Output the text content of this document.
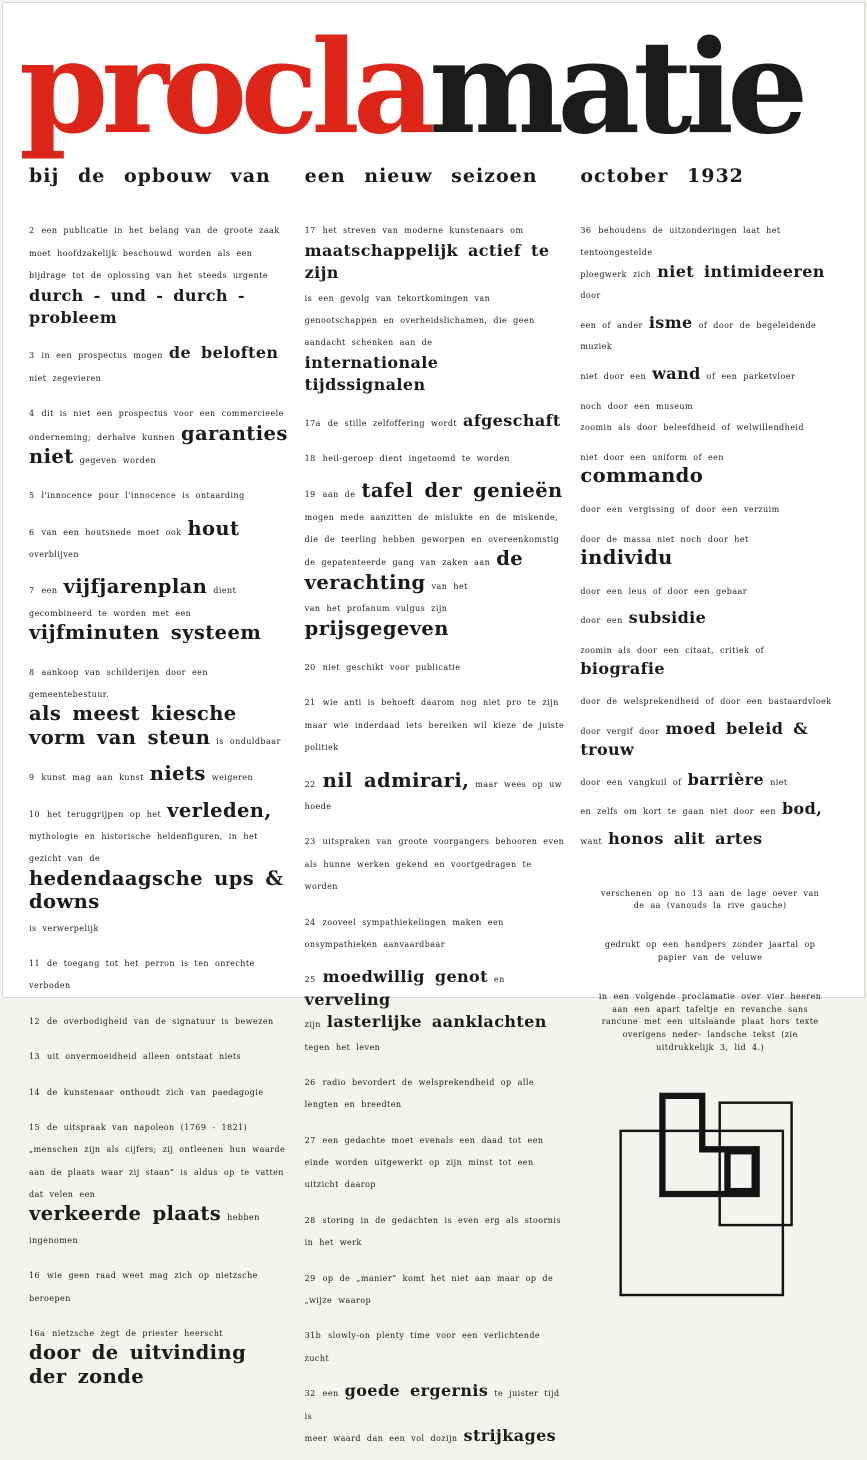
proclamatie

bij de opbouw van

2 een publicatie in het belang van de groote zaak moet hoofdzakelijk beschouwd worden als een bijdrage tot de oplossing van het steeds urgente
durch - und - durch - probleem

3 in een prospectus mogen de beloften niet zegevieren

4 dit is niet een prospectus voor een commercieele onderneming; derhalve kunnen garanties niet gegeven worden

5 l'innocence pour l'innocence is ontaarding

6 van een houtsnede moet ook hout overblijven

7 een vijfjarenplan dient gecombineerd te worden met een vijfminuten systeem

8 aankoop van schilderijen door een gemeentebestuur.
als meest kiesche vorm van steun is onduldbaar

9 kunst mag aan kunst niets weigeren

10 het teruggrijpen op het verleden, mythologie en historische heldenfiguren, in het gezicht van de
hedendaagsche ups & downs
is verwerpelijk

11 de toegang tot het perron is ten onrechte verboden

12 de overbodigheid van de signatuur is bewezen

13 uit onvermoeidheid alleen ontstaat niets

14 de kunstenaar onthoudt zich van paedagogie

15 de uitspraak van napoleon (1769 - 1821) „menschen zijn als cijfers; zij ontleenen hun waarde aan de plaats waar zij staan” is aldus op te vatten dat velen een
verkeerde plaats hebben ingenomen

16 wie geen raad weet mag zich op nietzsche beroepen

16a nietzsche zegt de priester heerscht
door de uitvinding der zonde

een nieuw seizoen

17 het streven van moderne kunstenaars om
maatschappelijk actief te zijn
is een gevolg van tekortkomingen van genootschappen en overheidslichamen, die geen aandacht schenken aan de
internationale tijdssignalen

17a de stille zelfoffering wordt afgeschaft

18 heil-geroep dient ingetoomd te worden

19 aan de tafel der genieën mogen mede aanzitten de mislukte en de miskende, die de teerling hebben geworpen en overeenkomstig de gepatenteerde gang van zaken aan de verachting van het
van het profanum vulgus zijn prijsgegeven

20 niet geschikt voor publicatie

21 wie anti is behoeft daarom nog niet pro te zijn maar wie inderdaad iets bereiken wil kieze de juiste politiek

22 nil admirari, maar wees op uw hoede

23 uitspraken van groote voorgangers behooren even als hunne werken gekend en voortgedragen te worden

24 zooveel sympathiekelingen maken een onsympathieken aanvaardbaar

25 moedwillig genot en verveling
zijn lasterlijke aanklachten tegen het leven

26 radio bevordert de welsprekendheid op alle lengten en breedten

27 een gedachte moet evenals een daad tot een einde worden uitgewerkt op zijn minst tot een uitzicht daarop

28 storing in de gedachten is even erg als stoornis in het werk

29 op de „manier” komt het niet aan maar op de „wijze waarop

31b slowly-on plenty time voor een verlichtende zucht

32 een goede ergernis te juister tijd is
meer waard dan een vol dozijn strijkages

october 1932

36 behoudens de uitzonderingen laat het tentoongestelde
ploegwerk zich niet intimideeren door

een of ander isme of door de begeleidende muziek

niet door een wand of een parketvloer

noch door een museum
zoomin als door beleefdheid of welwillendheid

niet door een uniform of een commando

door een vergissing of door een verzuim

door de massa niet noch door het individu

door een leus of door een gebaar

door een subsidie

zoomin als door een citaat, critiek of biografie

door de welsprekendheid of door een bastaardvloek

door vergif door moed beleid & trouw

door een vangkuil of barrière niet

en zelfs om kort te gaan niet door een bod,

want honos alit artes

verschenen op no 13 aan de lage oever van de aa (vanouds la rive gauche)

gedrukt op een handpers zonder jaartal op papier van de veluwe

in een volgende proclamatie over vier heeren aan een apart tafeltje en revanche sans rancune met een uitslaande plaat hors texte overigens neder- landsche tekst (zie uitdrukkelijk 3, lid 4.)
